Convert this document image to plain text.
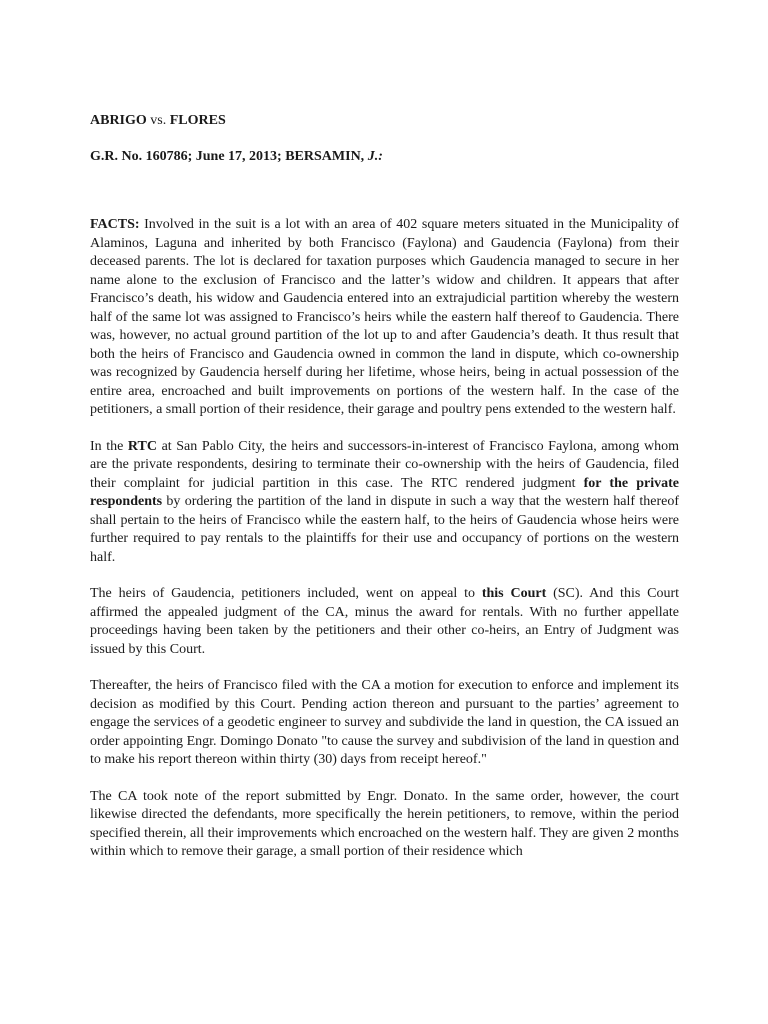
ABRIGO vs. FLORES

G.R. No. 160786; June 17, 2013; BERSAMIN, J.:

FACTS: Involved in the suit is a lot with an area of 402 square meters situated in the Municipality of Alaminos, Laguna and inherited by both Francisco (Faylona) and Gaudencia (Faylona) from their deceased parents. The lot is declared for taxation purposes which Gaudencia managed to secure in her name alone to the exclusion of Francisco and the latter’s widow and children. It appears that after Francisco’s death, his widow and Gaudencia entered into an extrajudicial partition whereby the western half of the same lot was assigned to Francisco’s heirs while the eastern half thereof to Gaudencia. There was, however, no actual ground partition of the lot up to and after Gaudencia’s death. It thus result that both the heirs of Francisco and Gaudencia owned in common the land in dispute, which co-ownership was recognized by Gaudencia herself during her lifetime, whose heirs, being in actual possession of the entire area, encroached and built improvements on portions of the western half. In the case of the petitioners, a small portion of their residence, their garage and poultry pens extended to the western half.

In the RTC at San Pablo City, the heirs and successors-in-interest of Francisco Faylona, among whom are the private respondents, desiring to terminate their co-ownership with the heirs of Gaudencia, filed their complaint for judicial partition in this case. The RTC rendered judgment for the private respondents by ordering the partition of the land in dispute in such a way that the western half thereof shall pertain to the heirs of Francisco while the eastern half, to the heirs of Gaudencia whose heirs were further required to pay rentals to the plaintiffs for their use and occupancy of portions on the western half.

The heirs of Gaudencia, petitioners included, went on appeal to this Court (SC). And this Court affirmed the appealed judgment of the CA, minus the award for rentals. With no further appellate proceedings having been taken by the petitioners and their other co-heirs, an Entry of Judgment was issued by this Court.

Thereafter, the heirs of Francisco filed with the CA a motion for execution to enforce and implement its decision as modified by this Court. Pending action thereon and pursuant to the parties’ agreement to engage the services of a geodetic engineer to survey and subdivide the land in question, the CA issued an order appointing Engr. Domingo Donato "to cause the survey and subdivision of the land in question and to make his report thereon within thirty (30) days from receipt hereof."

The CA took note of the report submitted by Engr. Donato. In the same order, however, the court likewise directed the defendants, more specifically the herein petitioners, to remove, within the period specified therein, all their improvements which encroached on the western half. They are given 2 months within which to remove their garage, a small portion of their residence which
